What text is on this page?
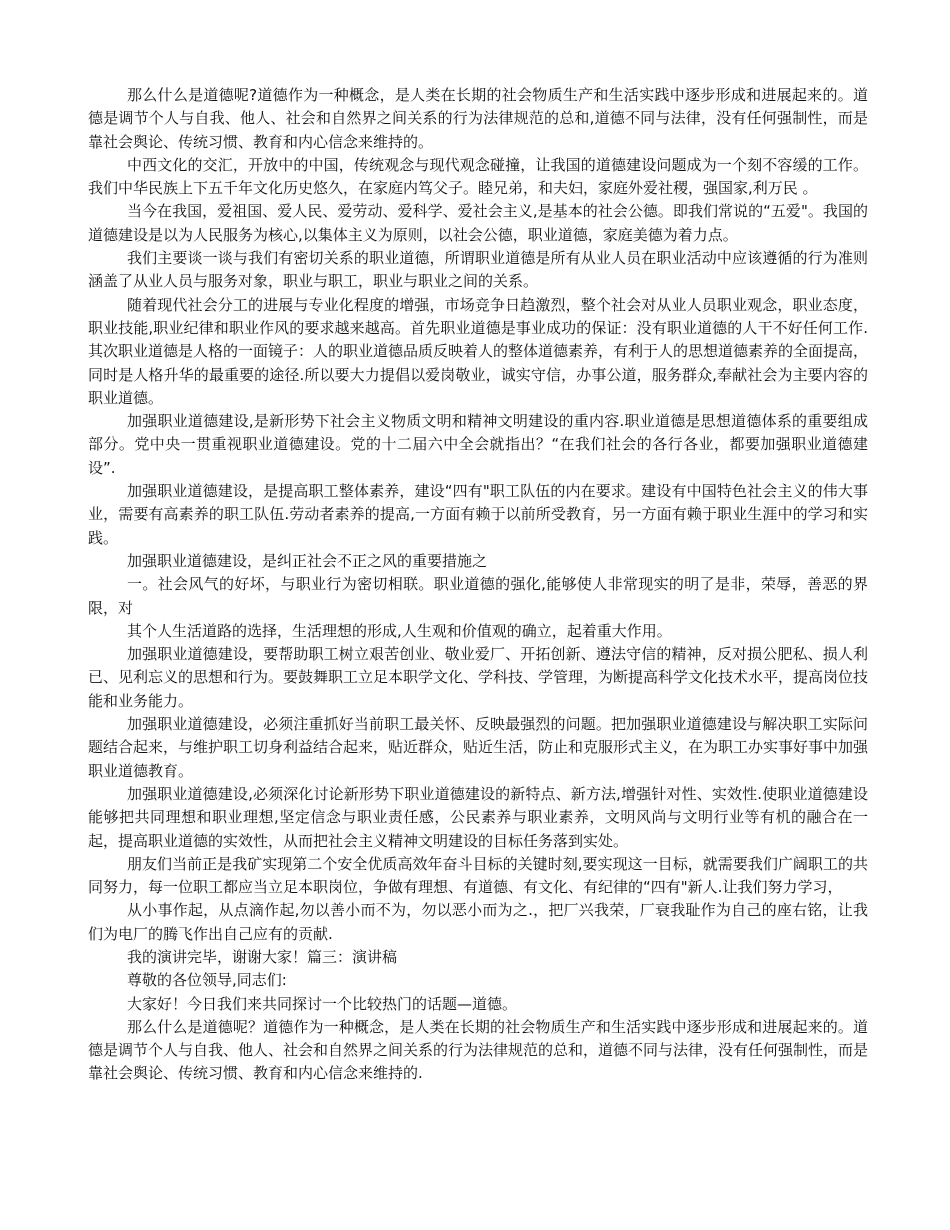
那么什么是道德呢?道德作为一种概念，是人类在长期的社会物质生产和生活实践中逐步形成和进展起来的。道德是调节个人与自我、他人、社会和自然界之间关系的行为法律规范的总和,道德不同与法律，没有任何强制性，而是靠社会舆论、传统习惯、教育和内心信念来维持的。

中西文化的交汇，开放中的中国，传统观念与现代观念碰撞，让我国的道德建设问题成为一个刻不容缓的工作。我们中华民族上下五千年文化历史悠久，在家庭内笃父子。睦兄弟，和夫妇，家庭外爱社稷，强国家,利万民 。

当今在我国，爱祖国、爱人民、爱劳动、爱科学、爱社会主义,是基本的社会公德。即我们常说的“五爱"。我国的道德建设是以为人民服务为核心,以集体主义为原则，以社会公德，职业道德，家庭美德为着力点。

我们主要谈一谈与我们有密切关系的职业道德，所谓职业道德是所有从业人员在职业活动中应该遵循的行为准则涵盖了从业人员与服务对象，职业与职工，职业与职业之间的关系。

随着现代社会分工的进展与专业化程度的增强，市场竞争日趋激烈，整个社会对从业人员职业观念，职业态度，职业技能,职业纪律和职业作风的要求越来越高。首先职业道德是事业成功的保证：没有职业道德的人干不好任何工作.其次职业道德是人格的一面镜子：人的职业道德品质反映着人的整体道德素养，有利于人的思想道德素养的全面提高，同时是人格升华的最重要的途径.所以要大力提倡以爱岗敬业，诚实守信，办事公道，服务群众,奉献社会为主要内容的职业道德。

加强职业道德建设,是新形势下社会主义物质文明和精神文明建设的重内容.职业道德是思想道德体系的重要组成部分。党中央一贯重视职业道德建设。党的十二届六中全会就指出？“在我们社会的各行各业，都要加强职业道德建设”.

加强职业道德建设，是提高职工整体素养，建设“四有"职工队伍的内在要求。建设有中国特色社会主义的伟大事业，需要有高素养的职工队伍.劳动者素养的提高,一方面有赖于以前所受教育，另一方面有赖于职业生涯中的学习和实践。

加强职业道德建设，是纠正社会不正之风的重要措施之

一。社会风气的好坏，与职业行为密切相联。职业道德的强化,能够使人非常现实的明了是非，荣辱，善恶的界限，对

其个人生活道路的选择，生活理想的形成,人生观和价值观的确立，起着重大作用。

加强职业道德建设，要帮助职工树立艰苦创业、敬业爱厂、开拓创新、遵法守信的精神，反对损公肥私、损人利已、见利忘义的思想和行为。要鼓舞职工立足本职学文化、学科技、学管理，为断提高科学文化技术水平，提高岗位技能和业务能力。

加强职业道德建设，必须注重抓好当前职工最关怀、反映最强烈的问题。把加强职业道德建设与解决职工实际问题结合起来，与维护职工切身利益结合起来，贴近群众，贴近生活，防止和克服形式主义，在为职工办实事好事中加强职业道德教育。

加强职业道德建设,必须深化讨论新形势下职业道德建设的新特点、新方法,增强针对性、实效性.使职业道德建设能够把共同理想和职业理想,坚定信念与职业责任感，公民素养与职业素养，文明风尚与文明行业等有机的融合在一起，提高职业道德的实效性，从而把社会主义精神文明建设的目标任务落到实处。

朋友们当前正是我矿实现第二个安全优质高效年奋斗目标的关键时刻,要实现这一目标，就需要我们广阔职工的共同努力，每一位职工都应当立足本职岗位，争做有理想、有道德、有文化、有纪律的“四有"新人.让我们努力学习，

从小事作起，从点滴作起,勿以善小而不为，勿以恶小而为之.，把厂兴我荣，厂衰我耻作为自己的座右铭，让我们为电厂的腾飞作出自己应有的贡献.

我的演讲完毕，谢谢大家！篇三：演讲稿

尊敬的各位领导,同志们:

大家好！今日我们来共同探讨一个比较热门的话题—道德。

那么什么是道德呢？道德作为一种概念，是人类在长期的社会物质生产和生活实践中逐步形成和进展起来的。道德是调节个人与自我、他人、社会和自然界之间关系的行为法律规范的总和，道德不同与法律，没有任何强制性，而是靠社会舆论、传统习惯、教育和内心信念来维持的.
